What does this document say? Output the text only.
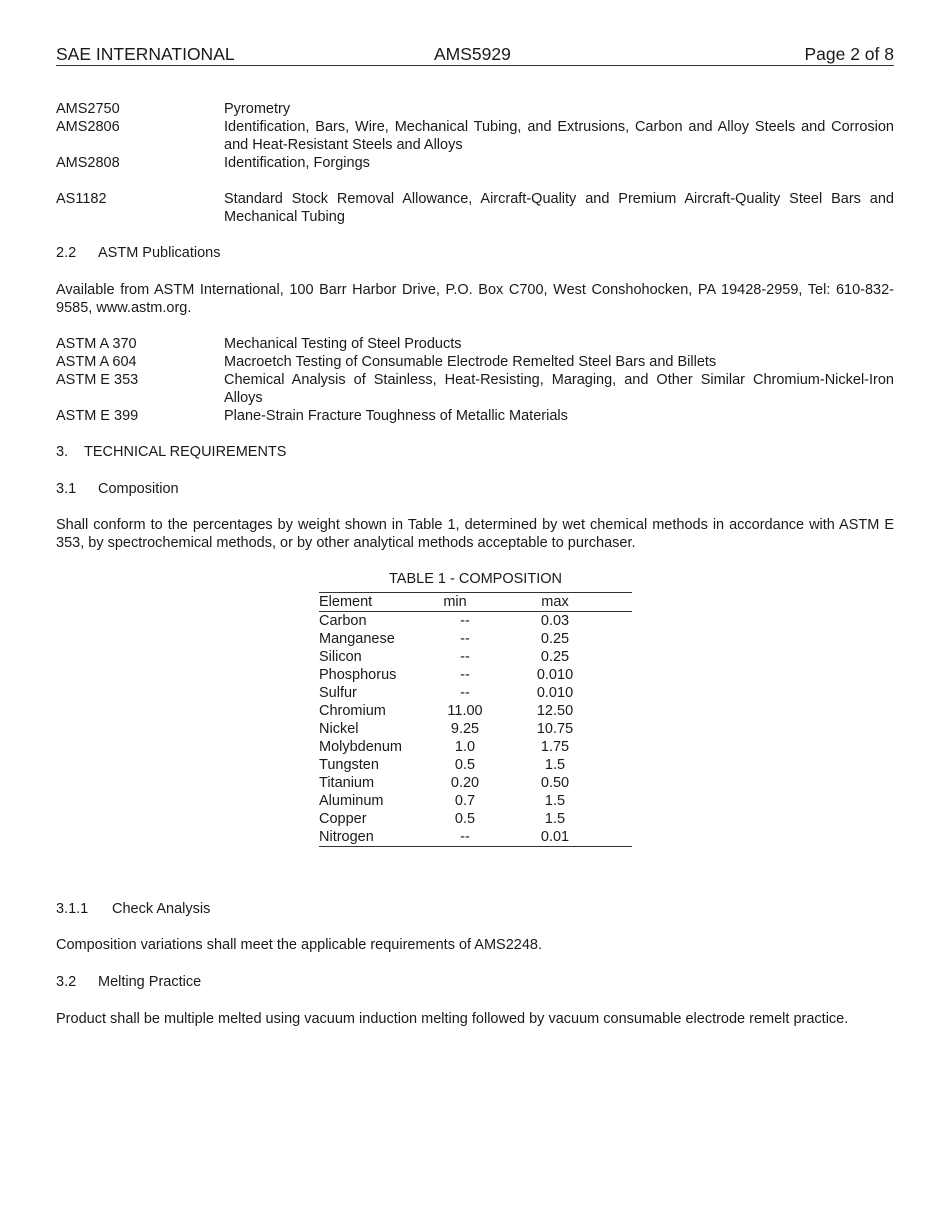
SAE INTERNATIONAL	AMS5929	Page 2 of 8
AMS2750	Pyrometry
AMS2806	Identification, Bars, Wire, Mechanical Tubing, and Extrusions, Carbon and Alloy Steels and Corrosion and Heat-Resistant Steels and Alloys
AMS2808	Identification, Forgings
AS1182	Standard Stock Removal Allowance, Aircraft-Quality and Premium Aircraft-Quality Steel Bars and Mechanical Tubing
2.2 ASTM Publications
Available from ASTM International, 100 Barr Harbor Drive, P.O. Box C700, West Conshohocken, PA 19428-2959, Tel: 610-832-9585, www.astm.org.
ASTM A 370	Mechanical Testing of Steel Products
ASTM A 604	Macroetch Testing of Consumable Electrode Remelted Steel Bars and Billets
ASTM E 353	Chemical Analysis of Stainless, Heat-Resisting, Maraging, and Other Similar Chromium-Nickel-Iron Alloys
ASTM E 399	Plane-Strain Fracture Toughness of Metallic Materials
3. TECHNICAL REQUIREMENTS
3.1 Composition
Shall conform to the percentages by weight shown in Table 1, determined by wet chemical methods in accordance with ASTM E 353, by spectrochemical methods, or by other analytical methods acceptable to purchaser.
TABLE 1 - COMPOSITION
Element	min	max
Carbon	--	0.03
Manganese	--	0.25
Silicon	--	0.25
Phosphorus	--	0.010
Sulfur	--	0.010
Chromium	11.00	12.50
Nickel	9.25	10.75
Molybdenum	1.0	1.75
Tungsten	0.5	1.5
Titanium	0.20	0.50
Aluminum	0.7	1.5
Copper	0.5	1.5
Nitrogen	--	0.01
3.1.1 Check Analysis
Composition variations shall meet the applicable requirements of AMS2248.
3.2 Melting Practice
Product shall be multiple melted using vacuum induction melting followed by vacuum consumable electrode remelt practice.
